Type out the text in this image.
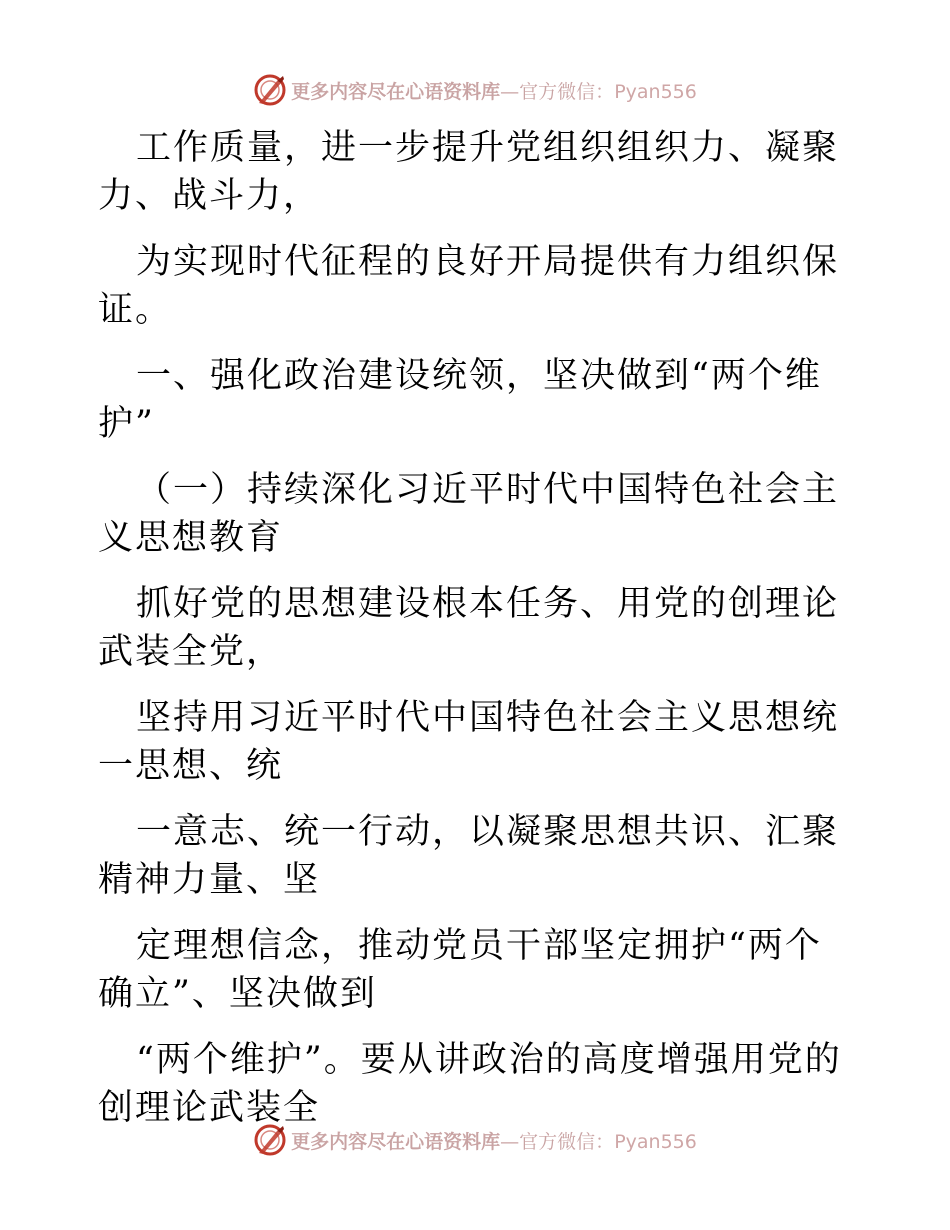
更多内容尽在心语资料库—官方微信：Pyan556

工作质量，进一步提升党组织组织力、凝聚力、战斗力，

为实现时代征程的良好开局提供有力组织保证。

一、强化政治建设统领，坚决做到“两个维护”

（一）持续深化习近平时代中国特色社会主义思想教育

抓好党的思想建设根本任务、用党的创理论武装全党，

坚持用习近平时代中国特色社会主义思想统一思想、统

一意志、统一行动，以凝聚思想共识、汇聚精神力量、坚

定理想信念，推动党员干部坚定拥护“两个确立”、坚决做到

“两个维护”。要从讲政治的高度增强用党的创理论武装全

更多内容尽在心语资料库—官方微信：Pyan556
